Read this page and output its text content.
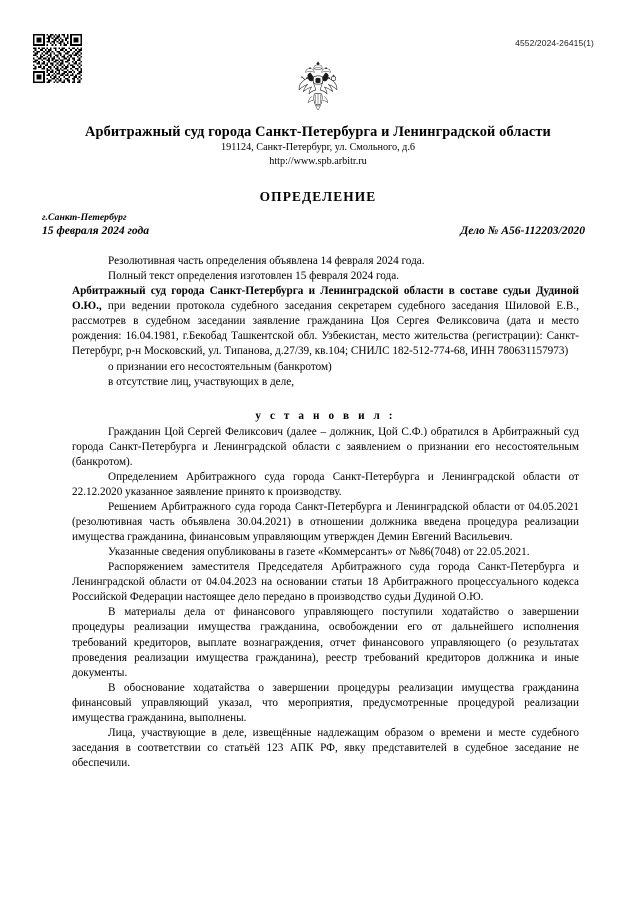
4552/2024-26415(1)
Арбитражный суд города Санкт-Петербурга и Ленинградской области
191124, Санкт-Петербург, ул. Смольного, д.6
http://www.spb.arbitr.ru
ОПРЕДЕЛЕНИЕ
г.Санкт-Петербург
15 февраля 2024 года	Дело № А56-112203/2020

Резолютивная часть определения объявлена 14 февраля 2024 года.

Полный текст определения изготовлен 15 февраля 2024 года.

Арбитражный суд города Санкт-Петербурга и Ленинградской области в составе судьи Дудиной О.Ю., при ведении протокола судебного заседания секретарем судебного заседания Шиловой Е.В., рассмотрев в судебном заседании заявление гражданина Цоя Сергея Феликсовича (дата и место рождения: 16.04.1981, г.Бекобад Ташкентской обл. Узбекистан, место жительства (регистрации): Санкт-Петербург, р-н Московский, ул. Типанова, д.27/39, кв.104; СНИЛС 182-512-774-68, ИНН 780631157973)

о признании его несостоятельным (банкротом)

в отсутствие лиц, участвующих в деле,

у с т а н о в и л :

Гражданин Цой Сергей Феликсович (далее – должник, Цой С.Ф.) обратился в Арбитражный суд города Санкт-Петербурга и Ленинградской области с заявлением о признании его несостоятельным (банкротом).

Определением Арбитражного суда города Санкт-Петербурга и Ленинградской области от 22.12.2020 указанное заявление принято к производству.

Решением Арбитражного суда города Санкт-Петербурга и Ленинградской области от 04.05.2021 (резолютивная часть объявлена 30.04.2021) в отношении должника введена процедура реализации имущества гражданина, финансовым управляющим утвержден Демин Евгений Васильевич.

Указанные сведения опубликованы в газете «Коммерсантъ» от №86(7048) от 22.05.2021.

Распоряжением заместителя Председателя Арбитражного суда города Санкт-Петербурга и Ленинградской области от 04.04.2023 на основании статьи 18 Арбитражного процессуального кодекса Российской Федерации настоящее дело передано в производство судьи Дудиной О.Ю.

В материалы дела от финансового управляющего поступили ходатайство о завершении процедуры реализации имущества гражданина, освобождении его от дальнейшего исполнения требований кредиторов, выплате вознаграждения, отчет финансового управляющего (о результатах проведения реализации имущества гражданина), реестр требований кредиторов должника и иные документы.

В обоснование ходатайства о завершении процедуры реализации имущества гражданина финансовый управляющий указал, что мероприятия, предусмотренные процедурой реализации имущества гражданина, выполнены.

Лица, участвующие в деле, извещённые надлежащим образом о времени и месте судебного заседания в соответствии со статьёй 123 АПК РФ, явку представителей в судебное заседание не обеспечили.
